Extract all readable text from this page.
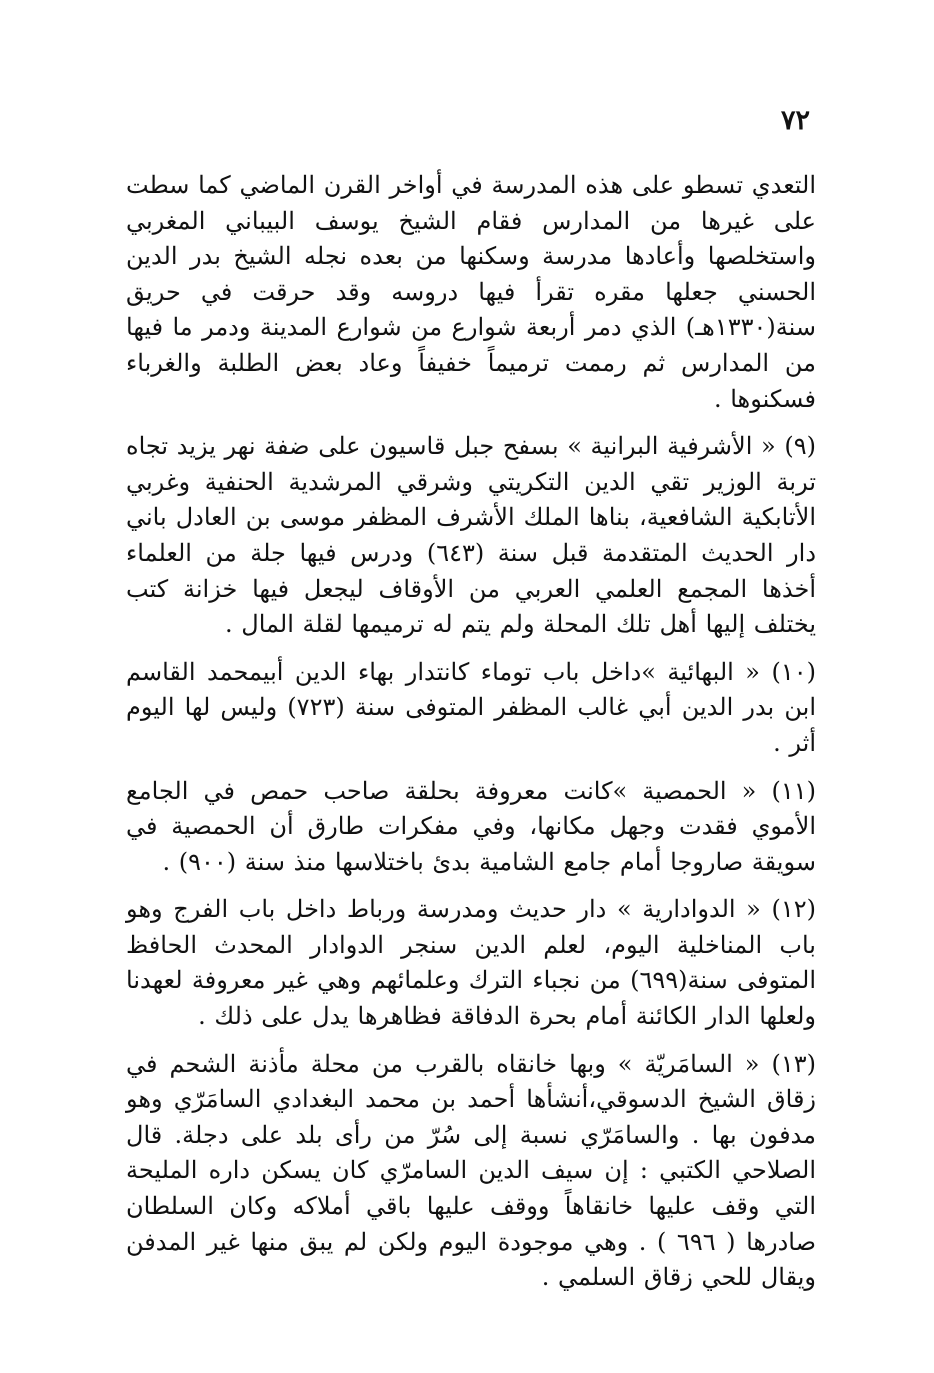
٧٢

التعدي تسطو على هذه المدرسة في أواخر القرن الماضي كما سطت على غيرها من المدارس فقام الشيخ يوسف البيباني المغربي واستخلصها وأعادها مدرسة وسكنها من بعده نجله الشيخ بدر الدين الحسني جعلها مقره تقرأ فيها دروسه وقد حرقت في حريق سنة(١٣٣٠هـ) الذي دمر أربعة شوارع من شوارع المدينة ودمر ما فيها من المدارس ثم رممت ترميماً خفيفاً وعاد بعض الطلبة والغرباء فسكنوها .

(٩) « الأشرفية البرانية » بسفح جبل قاسيون على ضفة نهر يزيد تجاه تربة الوزير تقي الدين التكريتي وشرقي المرشدية الحنفية وغربي الأتابكية الشافعية، بناها الملك الأشرف المظفر موسى بن العادل باني دار الحديث المتقدمة قبل سنة (٦٤٣) ودرس فيها جلة من العلماء أخذها المجمع العلمي العربي من الأوقاف ليجعل فيها خزانة كتب يختلف إليها أهل تلك المحلة ولم يتم له ترميمها لقلة المال .

(١٠) « البهائية »داخل باب توماء كانتدار بهاء الدين أبيمحمد القاسم ابن بدر الدين أبي غالب المظفر المتوفى سنة (٧٢٣) وليس لها اليوم أثر .

(١١) « الحمصية »كانت معروفة بحلقة صاحب حمص في الجامع الأموي فقدت وجهل مكانها، وفي مفكرات طارق أن الحمصية في سويقة صاروجا أمام جامع الشامية بدئ باختلاسها منذ سنة (٩٠٠) .

(١٢) « الدوادارية » دار حديث ومدرسة ورباط داخل باب الفرج وهو باب المناخلية اليوم، لعلم الدين سنجر الدوادار المحدث الحافظ المتوفى سنة(٦٩٩) من نجباء الترك وعلمائهم وهي غير معروفة لعهدنا ولعلها الدار الكائنة أمام بحرة الدفاقة فظاهرها يدل على ذلك .

(١٣) « السامَريّة » وبها خانقاه بالقرب من محلة مأذنة الشحم في زقاق الشيخ الدسوقي،أنشأها أحمد بن محمد البغدادي السامَرّي وهو مدفون بها . والسامَرّي نسبة إلى سُرّ من رأى بلد على دجلة. قال الصلاحي الكتبي : إن سيف الدين السامرّي كان يسكن داره المليحة التي وقف عليها خانقاهاً ووقف عليها باقي أملاكه وكان السلطان صادرها ( ٦٩٦ ) . وهي موجودة اليوم ولكن لم يبق منها غير المدفن ويقال للحي زقاق السلمي .
